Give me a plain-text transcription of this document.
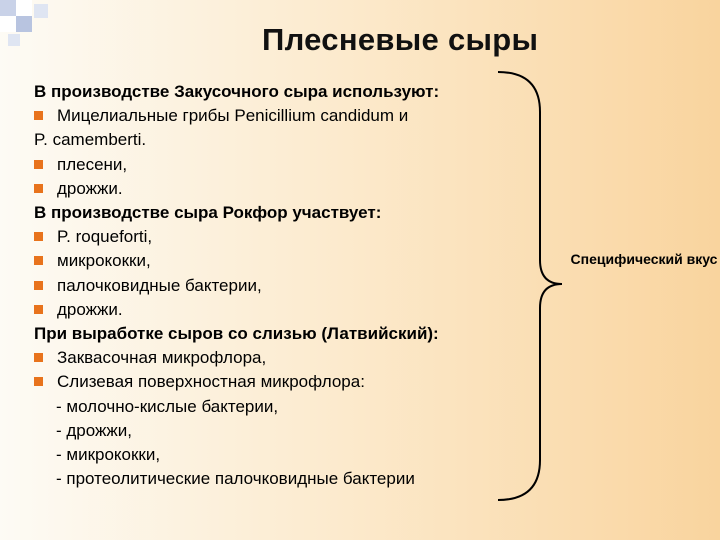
Плесневые сыры
В производстве Закусочного сыра используют:
Мицелиальные грибы Penicillium candidum и
P. camemberti.
плесени,
дрожжи.
В производстве сыра Рокфор участвует:
P. roqueforti,
микрококки,
палочковидные бактерии,
дрожжи.
При выработке сыров со слизью (Латвийский):
Заквасочная микрофлора,
Слизевая поверхностная микрофлора:
- молочно-кислые бактерии,
- дрожжи,
- микрококки,
- протеолитические палочковидные бактерии
Специфический вкус
